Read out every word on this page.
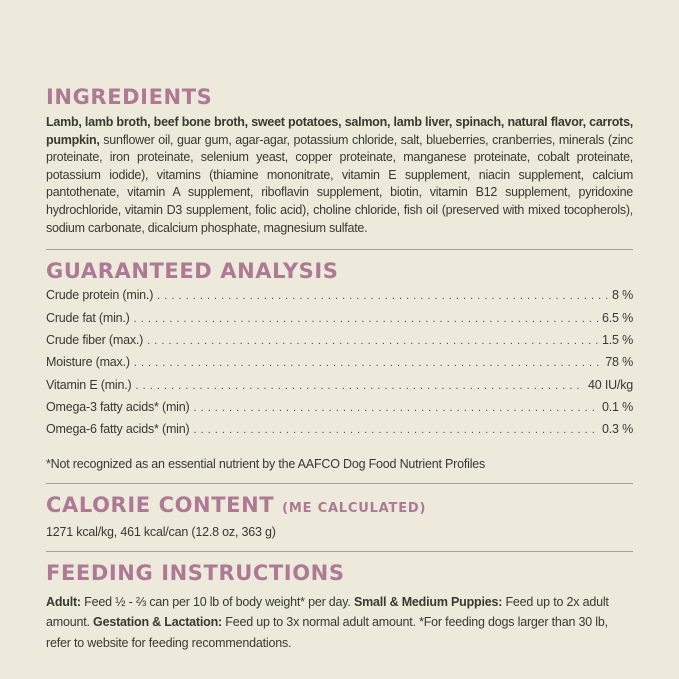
INGREDIENTS

Lamb, lamb broth, beef bone broth, sweet potatoes, salmon, lamb liver, spinach, natural flavor, carrots, pumpkin, sunflower oil, guar gum, agar-agar, potassium chloride, salt, blueberries, cranberries, minerals (zinc proteinate, iron proteinate, selenium yeast, copper proteinate, manganese proteinate, cobalt proteinate, potassium iodide), vitamins (thiamine mononitrate, vitamin E supplement, niacin supplement, calcium pantothenate, vitamin A supplement, riboflavin supplement, biotin, vitamin B12 supplement, pyridoxine hydrochloride, vitamin D3 supplement, folic acid), choline chloride, fish oil (preserved with mixed tocopherols), sodium carbonate, dicalcium phosphate, magnesium sulfate.

GUARANTEED ANALYSIS
Crude protein (min.) . . .	8 %
Crude fat (min.) . . .	6.5 %
Crude fiber (max.) . . .	1.5 %
Moisture (max.) . . .	78 %
Vitamin E (min.) . . .	40 IU/kg
Omega-3 fatty acids* (min) . . .	0.1 %
Omega-6 fatty acids* (min) . . .	0.3 %

*Not recognized as an essential nutrient by the AAFCO Dog Food Nutrient Profiles

CALORIE CONTENT (ME CALCULATED)

1271 kcal/kg, 461 kcal/can (12.8 oz, 363 g)

FEEDING INSTRUCTIONS

Adult: Feed ½ - ⅔ can per 10 lb of body weight* per day. Small & Medium Puppies: Feed up to 2x adult amount. Gestation & Lactation: Feed up to 3x normal adult amount. *For feeding dogs larger than 30 lb, refer to website for feeding recommendations.
